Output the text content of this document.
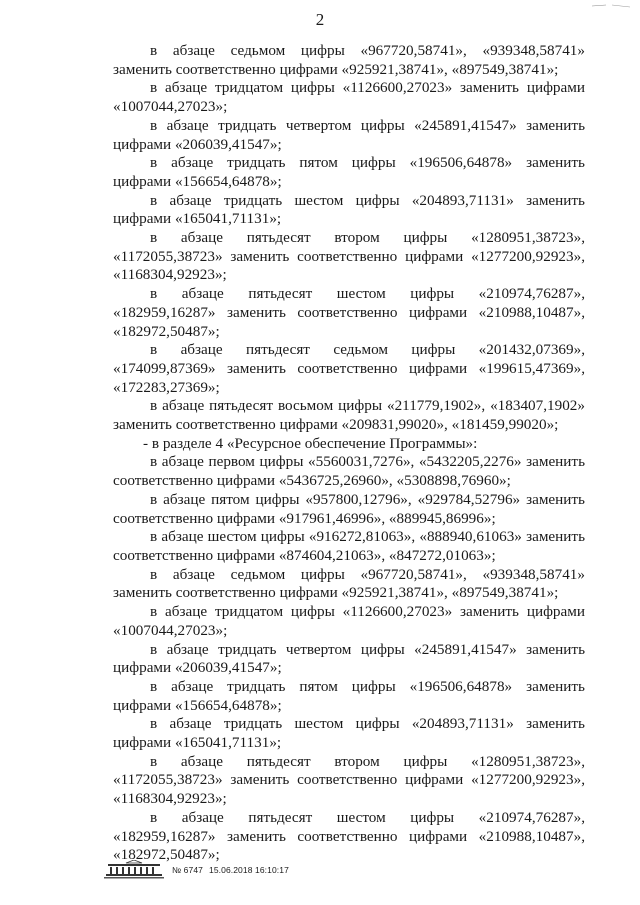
2

в абзаце седьмом цифры «967720,58741», «939348,58741» заменить соответственно цифрами «925921,38741», «897549,38741»;

в абзаце тридцатом цифры «1126600,27023» заменить цифрами «1007044,27023»;

в абзаце тридцать четвертом цифры «245891,41547» заменить цифрами «206039,41547»;

в абзаце тридцать пятом цифры «196506,64878» заменить цифрами «156654,64878»;

в абзаце тридцать шестом цифры «204893,71131» заменить цифрами «165041,71131»;

в абзаце пятьдесят втором цифры «1280951,38723», «1172055,38723» заменить соответственно цифрами «1277200,92923», «1168304,92923»;

в абзаце пятьдесят шестом цифры «210974,76287», «182959,16287» заменить соответственно цифрами «210988,10487», «182972,50487»;

в абзаце пятьдесят седьмом цифры «201432,07369», «174099,87369» заменить соответственно цифрами «199615,47369», «172283,27369»;

в абзаце пятьдесят восьмом цифры «211779,1902», «183407,1902» заменить соответственно цифрами «209831,99020», «181459,99020»;

- в разделе 4 «Ресурсное обеспечение Программы»:

в абзаце первом цифры «5560031,7276», «5432205,2276» заменить соответственно цифрами «5436725,26960», «5308898,76960»;

в абзаце пятом цифры «957800,12796», «929784,52796» заменить соответственно цифрами «917961,46996», «889945,86996»;

в абзаце шестом цифры «916272,81063», «888940,61063» заменить соответственно цифрами «874604,21063», «847272,01063»;

в абзаце седьмом цифры «967720,58741», «939348,58741» заменить соответственно цифрами «925921,38741», «897549,38741»;

в абзаце тридцатом цифры «1126600,27023» заменить цифрами «1007044,27023»;

в абзаце тридцать четвертом цифры «245891,41547» заменить цифрами «206039,41547»;

в абзаце тридцать пятом цифры «196506,64878» заменить цифрами «156654,64878»;

в абзаце тридцать шестом цифры «204893,71131» заменить цифрами «165041,71131»;

в абзаце пятьдесят втором цифры «1280951,38723», «1172055,38723» заменить соответственно цифрами «1277200,92923», «1168304,92923»;

в абзаце пятьдесят шестом цифры «210974,76287», «182959,16287» заменить соответственно цифрами «210988,10487», «182972,50487»;

№ 6747 15.06.2018 16:10:17
